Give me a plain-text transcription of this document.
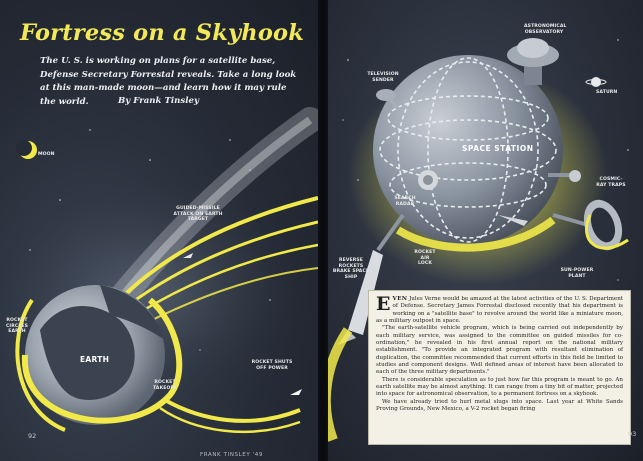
Fortress on a Skyhook
The U. S. is working on plans for a satellite base, Defense Secretary Forrestal reveals. Take a long look at this man-made moon—and learn how it may rule the world.	By Frank Tinsley
MOON
GUIDED-MISSILE ATTACK ON EARTH TARGET
ROCKET CIRCLES EARTH
EARTH
ROCKET TAKEOFF
ROCKET SHUTS OFF POWER
92
FRANK TINSLEY '49
ASTRONOMICAL OBSERVATORY
TELEVISION SENDER
SATURN
SPACE STATION
SEARCH RADAR
COSMIC-RAY TRAPS
REVERSE ROCKETS BRAKE SPACE SHIP
ROCKET AIR LOCK
SUN-POWER PLANT

EVEN Jules Verne would be amazed at the latest activities of the U. S. Department of Defense. Secretary James Forrestal disclosed recently that his department is working on a "satellite base" to revolve around the world like a miniature moon, as a military outpost in space.

"The earth-satellite vehicle program, which is being carried out independently by each military service, was assigned to the committee on guided missiles for co-ordination," he revealed in his first annual report on the national military establishment. "To provide an integrated program with resultant elimination of duplication, the committee recommended that current efforts in this field be limited to studies and component designs. Well defined areas of interest have been allocated to each of the three military departments."

There is considerable speculation as to just how far this program is meant to go. An earth satellite may be almost anything. It can range from a tiny bit of matter, projected into space for astronomical observation, to a permanent fortress on a skyhook.

We have already tried to hurl metal slugs into space. Last year at White Sands Proving Grounds, New Mexico, a V-2 rocket began firing

93
